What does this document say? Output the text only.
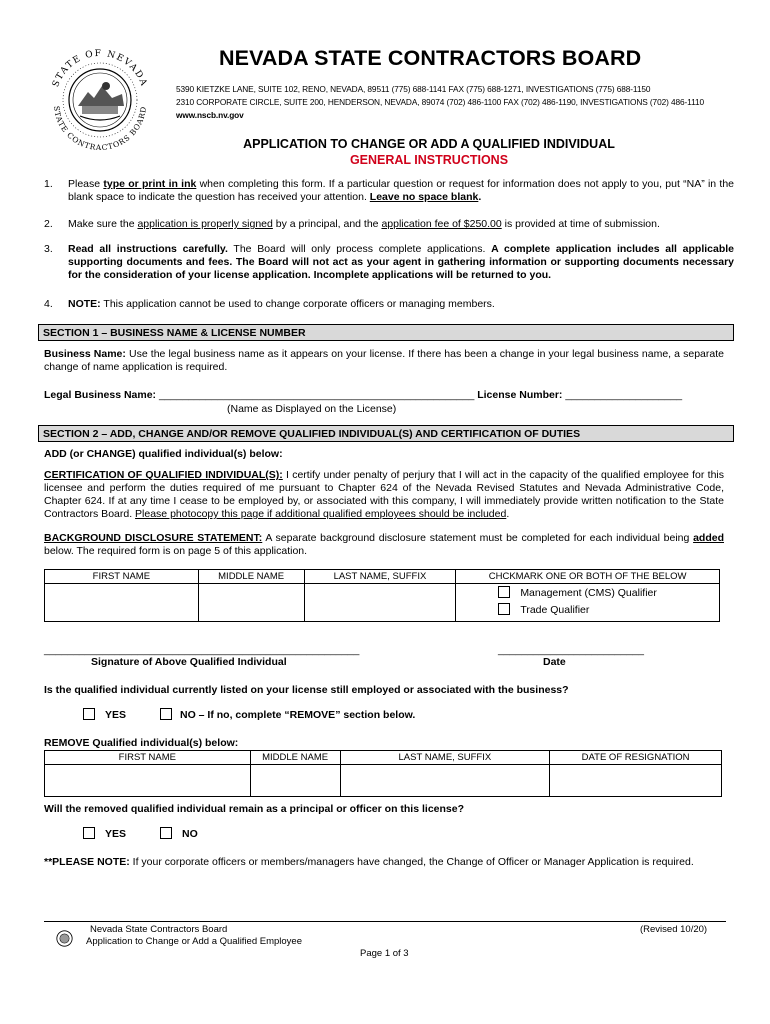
STATE OF NEVADA
STATE CONTRACTORS BOARD
NEVADA STATE CONTRACTORS BOARD
5390 KIETZKE LANE, SUITE 102, RENO, NEVADA, 89511 (775) 688-1141 FAX (775) 688-1271, INVESTIGATIONS (775) 688-1150
2310 CORPORATE CIRCLE, SUITE 200, HENDERSON, NEVADA, 89074 (702) 486-1100 FAX (702) 486-1190, INVESTIGATIONS (702) 486-1110
www.nscb.nv.gov
APPLICATION TO CHANGE OR ADD A QUALIFIED INDIVIDUAL
GENERAL INSTRUCTIONS
1. Please type or print in ink when completing this form. If a particular question or request for information does not apply to you, put “NA” in the blank space to indicate the question has received your attention. Leave no space blank.
2. Make sure the application is properly signed by a principal, and the application fee of $250.00 is provided at time of submission.
3. Read all instructions carefully. The Board will only process complete applications. A complete application includes all applicable supporting documents and fees. The Board will not act as your agent in gathering information or supporting documents necessary for the consideration of your license application. Incomplete applications will be returned to you.
4. NOTE: This application cannot be used to change corporate officers or managing members.
SECTION 1 – BUSINESS NAME & LICENSE NUMBER
Business Name: Use the legal business name as it appears on your license. If there has been a change in your legal business name, a separate change of name application is required.
Legal Business Name: ______________________________________________________ License Number: ____________________
(Name as Displayed on the License)
SECTION 2 – ADD, CHANGE AND/OR REMOVE QUALIFIED INDIVIDUAL(S) AND CERTIFICATION OF DUTIES
ADD (or CHANGE) qualified individual(s) below:
CERTIFICATION OF QUALIFIED INDIVIDUAL(S): I certify under penalty of perjury that I will act in the capacity of the qualified employee for this licensee and perform the duties required of me pursuant to Chapter 624 of the Nevada Revised Statutes and Nevada Administrative Code, Chapter 624. If at any time I cease to be employed by, or associated with this company, I will immediately provide written notification to the State Contractors Board. Please photocopy this page if additional qualified employees should be included.
BACKGROUND DISCLOSURE STATEMENT: A separate background disclosure statement must be completed for each individual being added below. The required form is on page 5 of this application.
FIRST NAME	MIDDLE NAME	LAST NAME, SUFFIX	CHCKMARK ONE OR BOTH OF THE BELOW

			Management (CMS) Qualifier
Trade Qualifier
______________________________________________________	_________________________
Signature of Above Qualified Individual	Date
Is the qualified individual currently listed on your license still employed or associated with the business?
YES	NO – If no, complete “REMOVE” section below.
REMOVE Qualified individual(s) below:
FIRST NAME	MIDDLE NAME	LAST NAME, SUFFIX	DATE OF RESIGNATION

Will the removed qualified individual remain as a principal or officer on this license?
YES	NO
**PLEASE NOTE: If your corporate officers or members/managers have changed, the Change of Officer or Manager Application is required.
Nevada State Contractors Board
Application to Change or Add a Qualified Employee
(Revised 10/20)
Page 1 of 3
